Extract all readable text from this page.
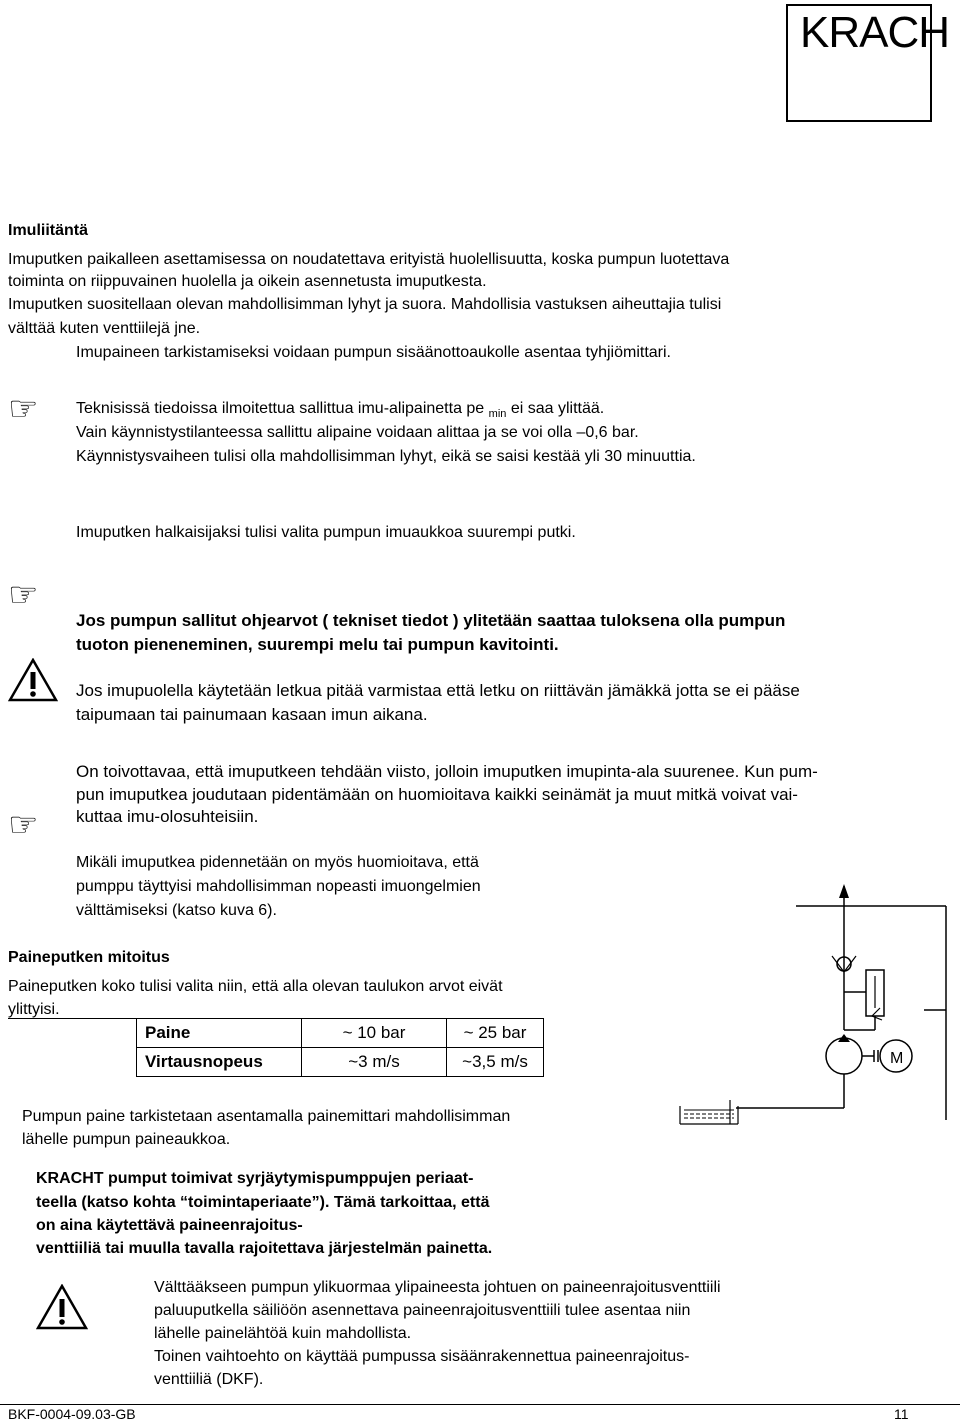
KRACH
Imuliitäntä
Imuputken paikalleen asettamisessa on noudatettava erityistä huolellisuutta, koska pumpun luotettava
toiminta on riippuvainen huolella ja oikein asennetusta imuputkesta.
Imuputken suositellaan olevan mahdollisimman lyhyt ja suora. Mahdollisia vastuksen aiheuttajia tulisi
välttää kuten venttiilejä jne.
Imupaineen tarkistamiseksi voidaan pumpun sisäänottoaukolle asentaa tyhjiömittari.
☞ Teknisissä tiedoissa ilmoitettua sallittua imu-alipainetta pe $_{min}$ ei saa ylittää.
Vain käynnistystilanteessa sallittu alipaine voidaan alittaa ja se voi olla –0,6 bar.
Käynnistysvaiheen tulisi olla mahdollisimman lyhyt, eikä se saisi kestää yli 30 minuuttia.
Imuputken halkaisijaksi tulisi valita pumpun imuaukkoa suurempi putki.
☞
Jos pumpun sallitut ohjearvot ( tekniset tiedot ) ylitetään saattaa tuloksena olla pumpun
tuoton pieneneminen, suurempi melu tai pumpun kavitointi.
Jos imupuolella käytetään letkua pitää varmistaa että letku on riittävän jämäkkä jotta se ei pääse
taipumaan tai painumaan kasaan imun aikana.
On toivottavaa, että imuputkeen tehdään viisto, jolloin imuputken imupinta-ala suurenee. Kun pum-
pun imuputkea joudutaan pidentämään on huomioitava kaikki seinämät ja muut mitkä voivat vai-
kuttaa imu-olosuhteisiin.
☞
Mikäli imuputkea pidennetään on myös huomioitava, että
pumppu täyttyisi mahdollisimman nopeasti imuongelmien
välttämiseksi (katso kuva 6).
Paineputken mitoitus
Paineputken koko tulisi valita niin, että alla olevan taulukon arvot eivät
ylittyisi.
	Paine	~ 10 bar	~ 25 bar
	Virtausnopeus	~3 m/s	~3,5 m/s
Pumpun paine tarkistetaan asentamalla painemittari mahdollisimman
lähelle pumpun paineaukkoa.
KRACHT pumput toimivat syrjäytymispumppujen periaat-
teella (katso kohta “toimintaperiaate”). Tämä tarkoittaa, että
on aina käytettävä paineenrajoitus-
venttiiliä tai muulla tavalla rajoitettava järjestelmän painetta.
Välttääkseen pumpun ylikuormaa ylipaineesta johtuen on paineenrajoitusventtiili
paluuputkella säiliöön asennettava paineenrajoitusventtiili tulee asentaa niin
lähelle painelähtöä kuin mahdollista.
Toinen vaihtoehto on käyttää pumpussa sisäänrakennettua paineenrajoitus-
venttiiliä (DKF).
M
BKF-0004-09.03-GB	11
